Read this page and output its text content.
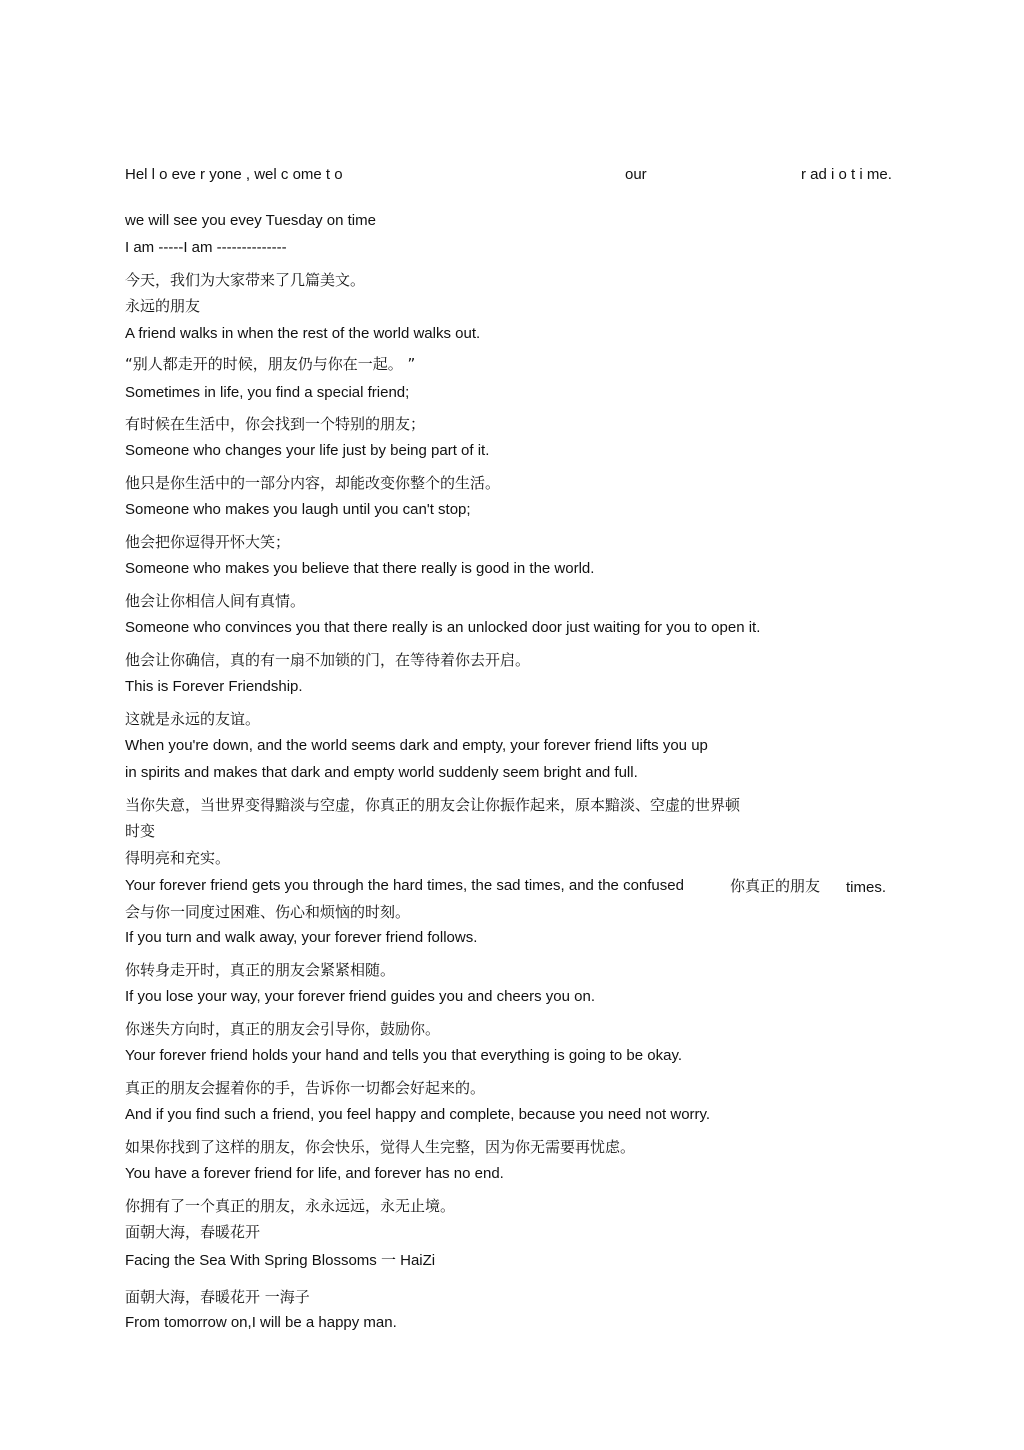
Hel l o eve r yone , wel c ome t o	our	r ad i o t i me.
we will see you evey Tuesday on time
I am -----I am --------------
今天，我们为大家带来了几篇美文。
永远的朋友
A friend walks in when the rest of the world walks out.
“别人都走开的时候，朋友仍与你在一起。 ”
Sometimes in life, you find a special friend;
有时候在生活中，你会找到一个特别的朋友；
Someone who changes your life just by being part of it.
他只是你生活中的一部分内容，却能改变你整个的生活。
Someone who makes you laugh until you can't stop;
他会把你逗得开怀大笑；
Someone who makes you believe that there really is good in the world.
他会让你相信人间有真情。
Someone who convinces you that there really is an unlocked door just waiting for you to open it.
他会让你确信，真的有一扇不加锁的门，在等待着你去开启。
This is Forever Friendship.
这就是永远的友谊。
When you're down, and the world seems dark and empty, your forever friend lifts you up
in spirits and makes that dark and empty world suddenly seem bright and full.
当你失意，当世界变得黯淡与空虚，你真正的朋友会让你振作起来，原本黯淡、空虚的世界顿
时变
得明亮和充实。
Your forever friend gets you through the hard times, the sad times, and the confused	你真正的朋友 times.
会与你一同度过困难、伤心和烦恼的时刻。
If you turn and walk away, your forever friend follows.
你转身走开时，真正的朋友会紧紧相随。
If you lose your way, your forever friend guides you and cheers you on.
你迷失方向时，真正的朋友会引导你，鼓励你。
Your forever friend holds your hand and tells you that everything is going to be okay.
真正的朋友会握着你的手，告诉你一切都会好起来的。
And if you find such a friend, you feel happy and complete, because you need not worry.
如果你找到了这样的朋友，你会快乐，觉得人生完整，因为你无需要再忧虑。
You have a forever friend for life, and forever has no end.
你拥有了一个真正的朋友，永永远远，永无止境。
面朝大海，春暖花开
Facing the Sea With Spring Blossoms 一 HaiZi
面朝大海，春暖花开 一海子
From tomorrow on,I will be a happy man.
